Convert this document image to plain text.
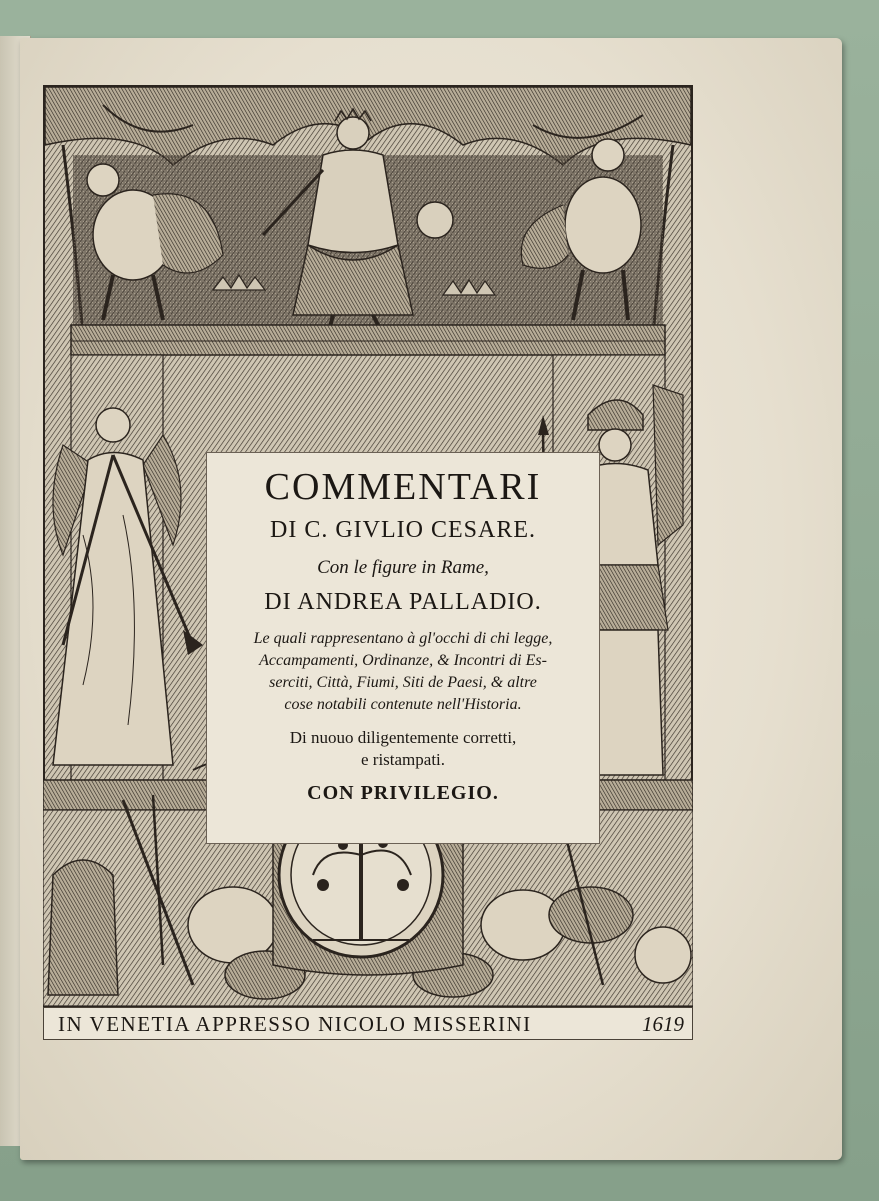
COMMENTARI
DI C. GIVLIO CESARE.
Con le figure in Rame,
DI ANDREA PALLADIO.
Le quali rappresentano à gl'occhi di chi legge,
Accampamenti, Ordinanze, & Incontri di Es-
serciti, Città, Fiumi, Siti de Paesi, & altre
cose notabili contenute nell'Historia.
Di nuouo diligentemente corretti,
e ristampati.
CON PRIVILEGIO.
IN VENETIA APPRESSO NICOLO MISSERINI	1619
